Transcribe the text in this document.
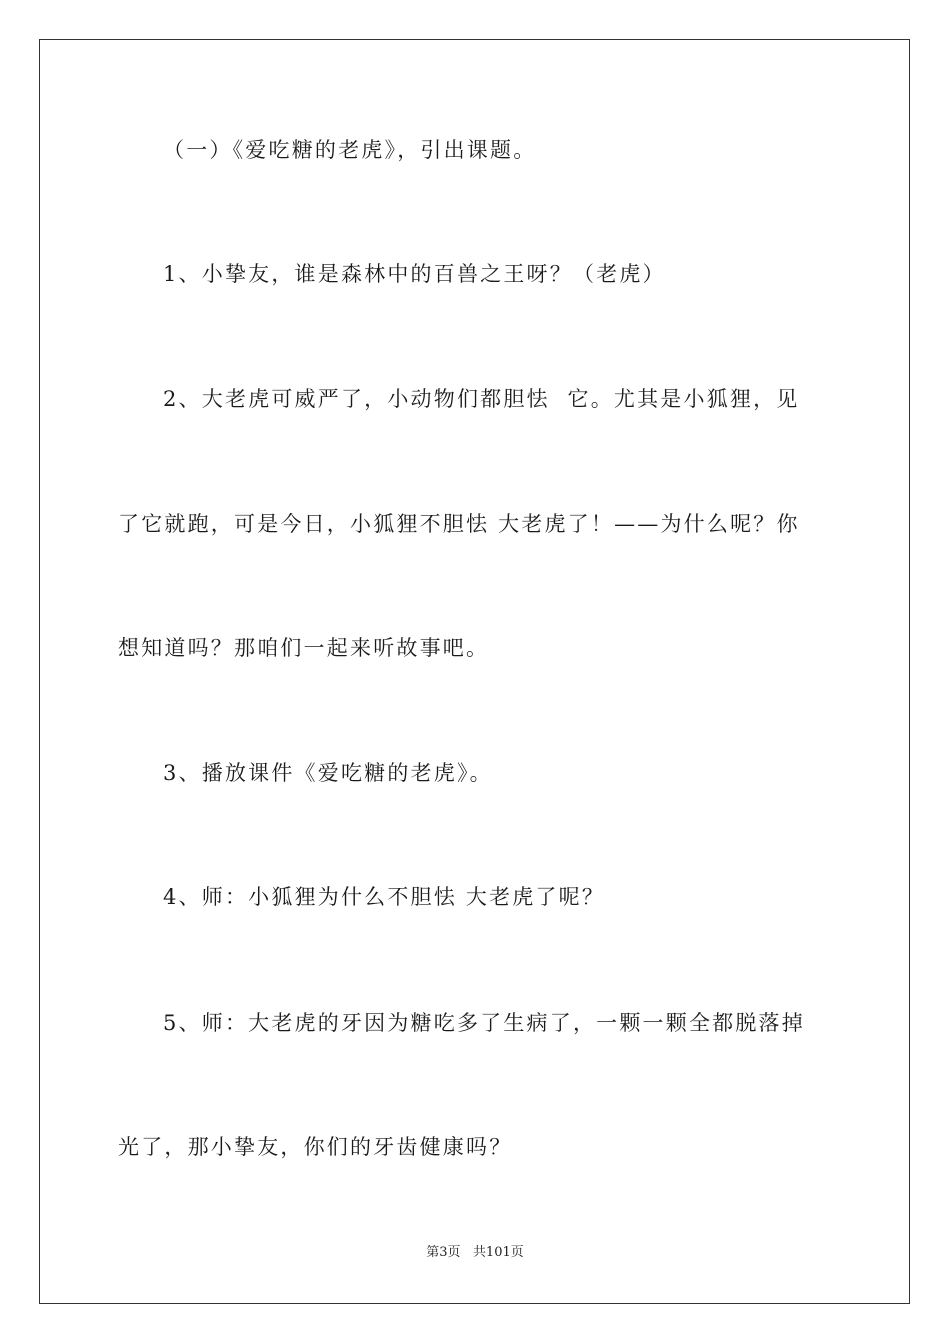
（一）《爱吃糖的老虎》，引出课题。
1、小挚友，谁是森林中的百兽之王呀？（老虎）
2、大老虎可威严了，小动物们都胆怯  它。尤其是小狐狸，见
了它就跑，可是今日，小狐狸不胆怯 大老虎了！——为什么呢？你
想知道吗？那咱们一起来听故事吧。
3、播放课件《爱吃糖的老虎》。
4、师：小狐狸为什么不胆怯 大老虎了呢？
5、师：大老虎的牙因为糖吃多了生病了，一颗一颗全都脱落掉
光了，那小挚友，你们的牙齿健康吗？
第3页   共101页
